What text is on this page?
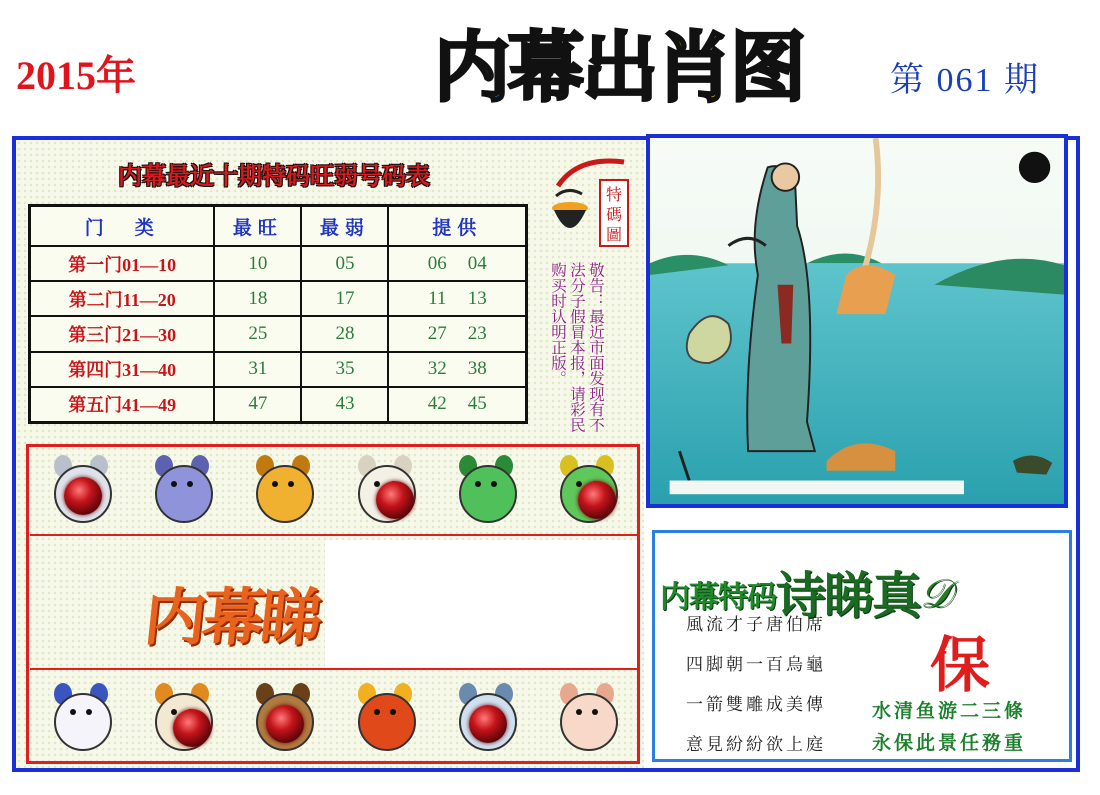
2015年	内幕出肖图	第 061 期
内幕最近十期特码旺弱号码表
门　类	最旺	最弱	提供
第一门01—10	10	05	06 04
第二门11—20	18	17	11 13
第三门21—30	25	28	27 23
第四门31—40	31	35	32 38
第五门41—49	47	43	42 45
特
碼
圖
敬告：最近市面发现有不法分子假冒本报，请彩民购买时认明正版。
内幕睇	内幕特码诗睇真𝒟
風流才子唐伯席
四脚朝一百烏龜
一箭雙雕成美傳
意見紛紛欲上庭
保
水清鱼游二三條
永保此景任務重
